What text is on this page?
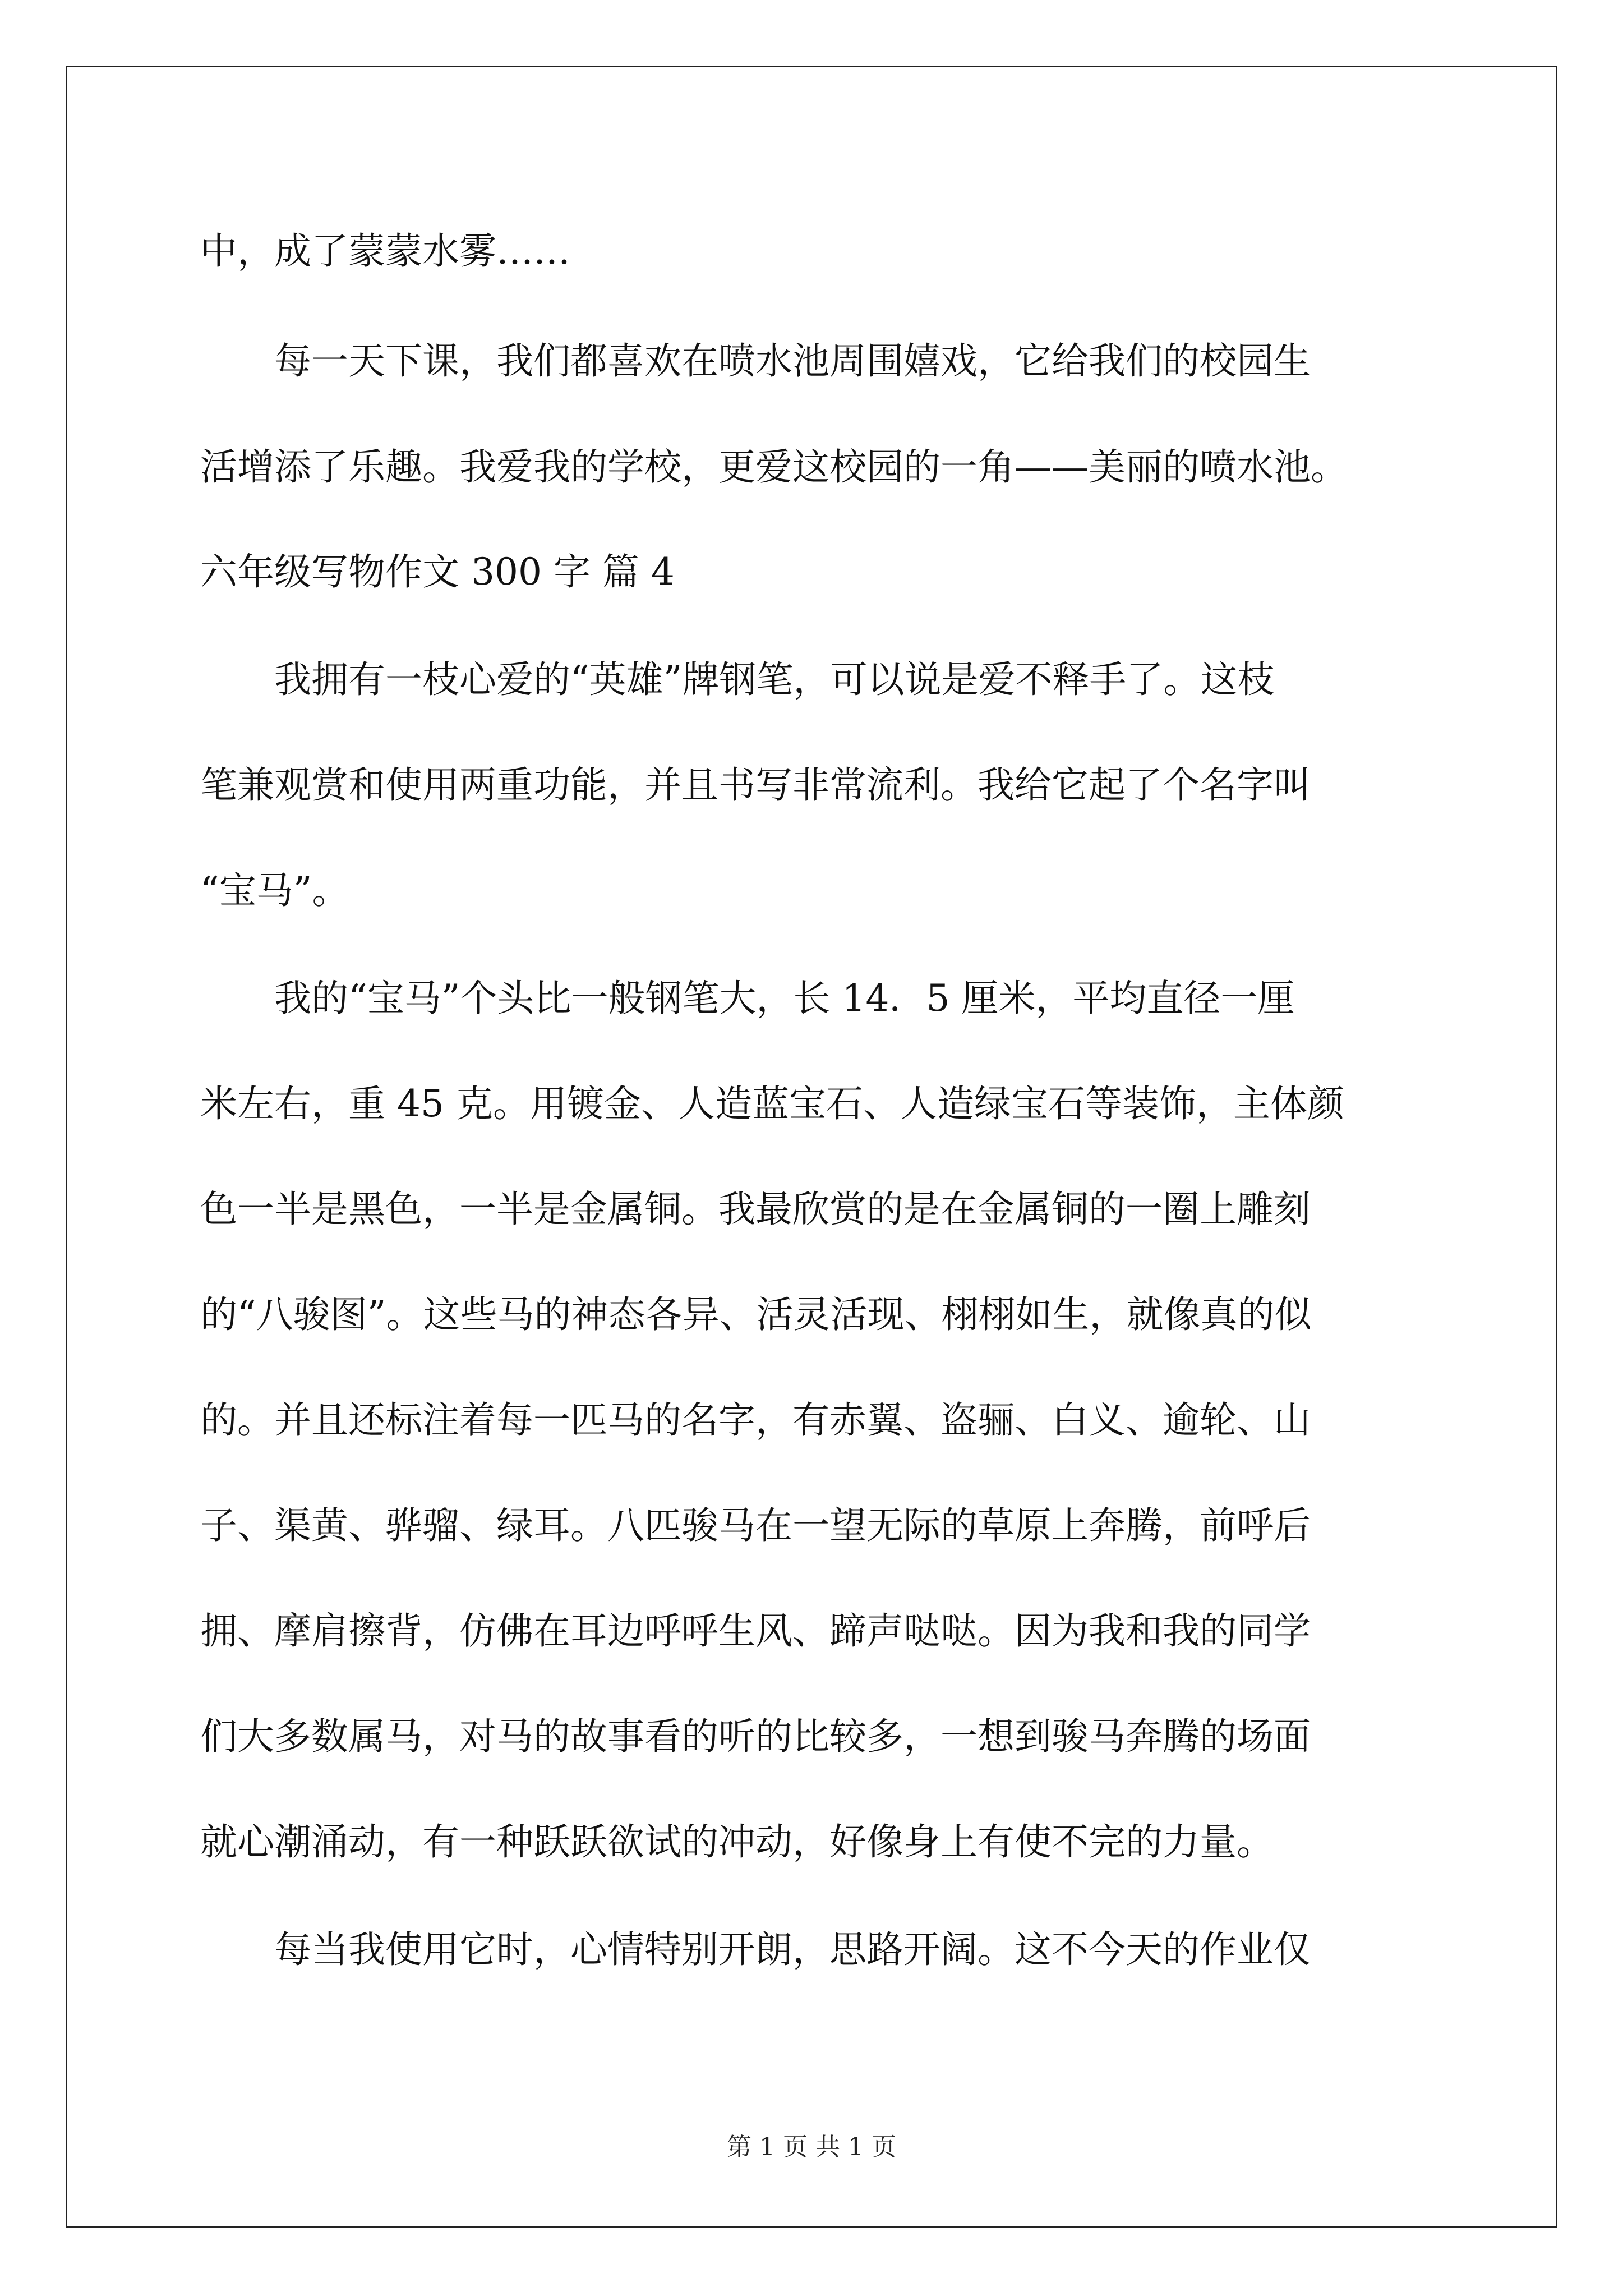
中，成了蒙蒙水雾……
每一天下课，我们都喜欢在喷水池周围嬉戏，它给我们的校园生
活增添了乐趣。我爱我的学校，更爱这校园的一角——美丽的喷水池。
六年级写物作文 300 字 篇 4
我拥有一枝心爱的“英雄”牌钢笔，可以说是爱不释手了。这枝
笔兼观赏和使用两重功能，并且书写非常流利。我给它起了个名字叫
“宝马”。
我的“宝马”个头比一般钢笔大，长 14．5 厘米，平均直径一厘
米左右，重 45 克。用镀金、人造蓝宝石、人造绿宝石等装饰，主体颜
色一半是黑色，一半是金属铜。我最欣赏的是在金属铜的一圈上雕刻
的“八骏图”。这些马的神态各异、活灵活现、栩栩如生，就像真的似
的。并且还标注着每一匹马的名字，有赤翼、盗骊、白义、逾轮、山
子、渠黄、骅骝、绿耳。八匹骏马在一望无际的草原上奔腾，前呼后
拥、摩肩擦背，仿佛在耳边呼呼生风、蹄声哒哒。因为我和我的同学
们大多数属马，对马的故事看的听的比较多，一想到骏马奔腾的场面
就心潮涌动，有一种跃跃欲试的冲动，好像身上有使不完的力量。
每当我使用它时，心情特别开朗，思路开阔。这不今天的作业仅
第 1 页 共 1 页
